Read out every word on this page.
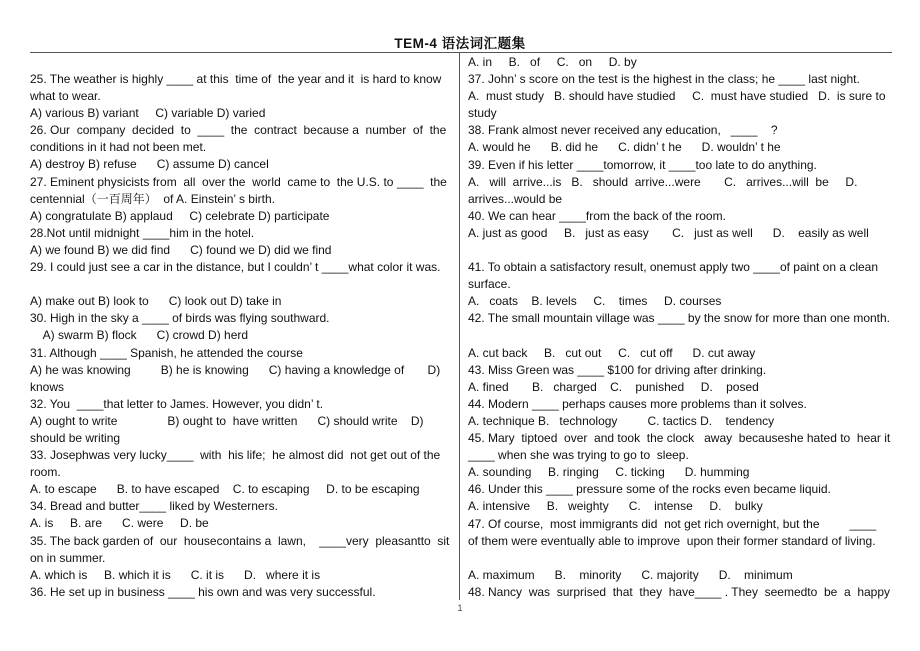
TEM-4 语法词汇题集
25. The weather is highly ____ at this  time of  the year and it  is hard to know
what to wear.
A) various B) variant     C) variable D) varied
26. Our  company  decided  to  ____  the  contract  because a  number  of  the
conditions in it had not been met.
A) destroy B) refuse      C) assume D) cancel
27. Eminent physicists from  all  over the  world  came to  the U.S. to ____  the
centennial（一百周年）  of A. Einstein’ s birth.
A) congratulate B) applaud     C) celebrate D) participate
28.Not until midnight ____him in the hotel.
A) we found B) we did find      C) found we D) did we find
29. I could just see a car in the distance, but I couldn’ t ____what color it was.
A) make out B) look to      C) look out D) take in
30. High in the sky a ____ of birds was flying southward.
A) swarm B) flock      C) crowd D) herd
31. Although ____ Spanish, he attended the course
A) he was knowing         B) he is knowing      C) having a knowledge of       D)
knows
32. You  ____that letter to James. However, you didn’ t.
A) ought to write               B) ought to  have written      C) should write    D)
should be writing
33. Josephwas very lucky____  with  his life;  he almost did  not get out of the
room.
A. to escape      B. to have escaped    C. to escaping     D. to be escaping
34. Bread and butter____ liked by Westerners.
A. is     B. are      C. were     D. be
35. The back garden of  our  housecontains a  lawn,    ____very  pleasantto  sit
on in summer.
A. which is     B. which it is      C. it is      D.   where it is
36. He set up in business ____ his own and was very successful.
A. in     B.   of     C.   on     D. by
37. John’ s score on the test is the highest in the class; he ____ last night.
A.  must study   B. should have studied     C.  must have studied   D.  is sure to
study
38. Frank almost never received any education,   ____    ?
A. would he      B. did he      C. didn’ t he      D. wouldn’ t he
39. Even if his letter ____tomorrow, it ____too late to do anything.
A.   will  arrive...is   B.   should  arrive...were       C.   arrives...will  be     D.
arrives...would be
40. We can hear ____from the back of the room.
A. just as good     B.   just as easy       C.   just as well      D.    easily as well
41. To obtain a satisfactory result, onemust apply two ____of paint on a clean
surface.
A.   coats    B. levels     C.    times     D. courses
42. The small mountain village was ____ by the snow for more than one month.
A. cut back     B.   cut out     C.   cut off      D. cut away
43. Miss Green was ____ $100 for driving after drinking.
A. fined       B.   charged    C.    punished     D.    posed
44. Modern ____ perhaps causes more problems than it solves.
A. technique B.   technology         C. tactics D.    tendency
45. Mary  tiptoed  over  and took  the clock   away  becauseshe hated to  hear it
____ when she was trying to go to  sleep.
A. sounding     B. ringing     C. ticking      D. humming
46. Under this ____ pressure some of the rocks even became liquid.
A. intensive     B.   weighty      C.    intense     D.    bulky
47. Of course,  most immigrants did  not get rich overnight, but the         ____
of them were eventually able to improve  upon their former standard of living.
A. maximum      B.    minority      C. majority      D.    minimum
48. Nancy  was  surprised  that  they  have____ . They  seemedto  be  a  happy
1
